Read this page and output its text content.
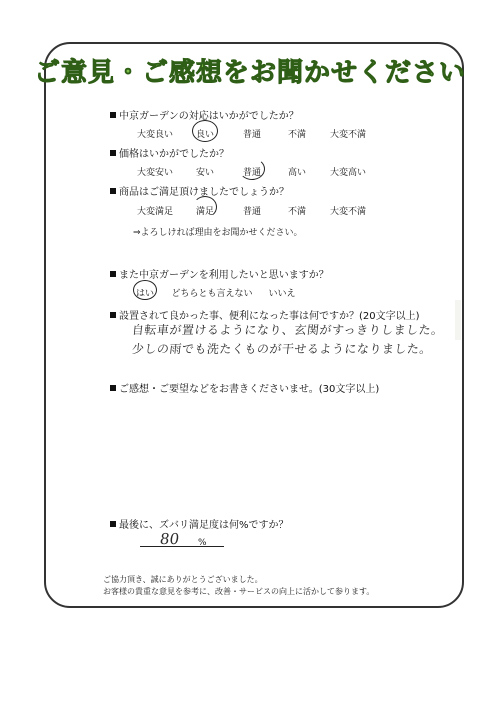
ご意見・ご感想をお聞かせください
中京ガーデンの対応はいかがでしたか？
大変良い	良い	普通	不満	大変不満
価格はいかがでしたか？
大変安い	安い	普通	高い	大変高い
商品はご満足頂けましたでしょうか？
大変満足	満足	普通	不満	大変不満
⇒よろしければ理由をお聞かせください。
また中京ガーデンを利用したいと思いますか？
はい どちらとも言えない いいえ
設置されて良かった事、便利になった事は何ですか？(20文字以上)
自転車が置けるようになり、玄関がすっきりしました。
少しの雨でも洗たくものが干せるようになりました。
ご感想・ご要望などをお書きくださいませ。(30文字以上)
最後に、ズバリ満足度は何%ですか？
80 %
ご協力頂き、誠にありがとうございました。
お客様の貴重な意見を参考に、改善・サービスの向上に活かして参ります。
